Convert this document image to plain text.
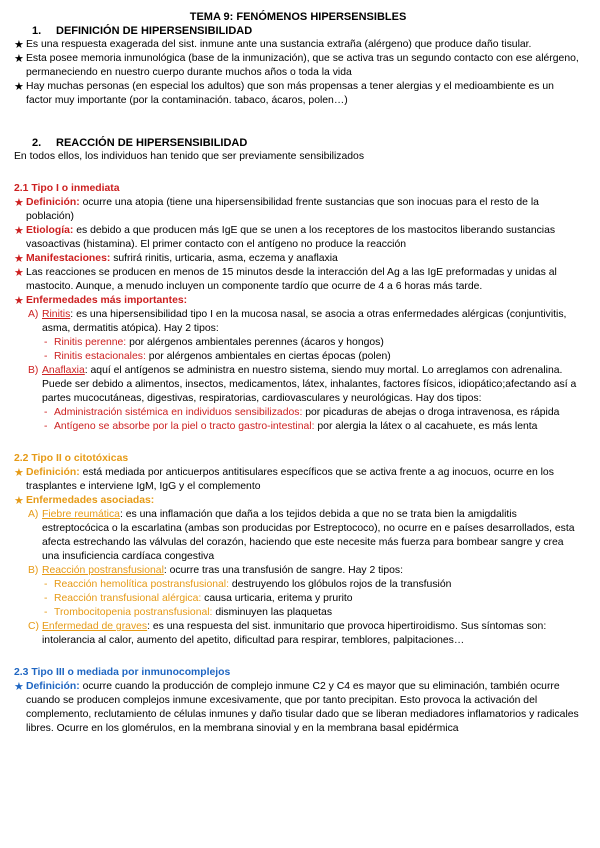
TEMA 9: FENÓMENOS HIPERSENSIBLES
1. DEFINICIÓN DE HIPERSENSIBILIDAD
★ Es una respuesta exagerada del sist. inmune ante una sustancia extraña (alérgeno) que produce daño tisular.
★ Esta posee memoria inmunológica (base de la inmunización), que se activa tras un segundo contacto con ese alérgeno, permaneciendo en nuestro cuerpo durante muchos años o toda la vida
★ Hay muchas personas (en especial los adultos) que son más propensas a tener alergias y el medioambiente es un factor muy importante (por la contaminación. tabaco, ácaros, polen…)
2. REACCIÓN DE HIPERSENSIBILIDAD
En todos ellos, los individuos han tenido que ser previamente sensibilizados
2.1 Tipo I o inmediata
★ Definición: ocurre una atopia (tiene una hipersensibilidad frente sustancias que son inocuas para el resto de la población)
★ Etiología: es debido a que producen más IgE que se unen a los receptores de los mastocitos liberando sustancias vasoactivas (histamina). El primer contacto con el antígeno no produce la reacción
★ Manifestaciones: sufrirá rinitis, urticaria, asma, eczema y anaflaxia
★ Las reacciones se producen en menos de 15 minutos desde la interacción del Ag a las IgE preformadas y unidas al mastocito. Aunque, a menudo incluyen un componente tardío que ocurre de 4 a 6 horas más tarde.
★ Enfermedades más importantes:
A) Rinitis: es una hipersensibilidad tipo I en la mucosa nasal, se asocia a otras enfermedades alérgicas (conjuntivitis, asma, dermatitis atópica). Hay 2 tipos:
- Rinitis perenne: por alérgenos ambientales perennes (ácaros y hongos)
- Rinitis estacionales: por alérgenos ambientales en ciertas épocas (polen)
B) Anaflaxia: aquí el antígenos se administra en nuestro sistema, siendo muy mortal. Lo arreglamos con adrenalina. Puede ser debido a alimentos, insectos, medicamentos, látex, inhalantes, factores físicos, idiopático;afectando así a partes mucocutáneas, digestivas, respiratorias, cardiovasculares y neurológicas. Hay dos tipos:
- Administración sistémica en individuos sensibilizados: por picaduras de abejas o droga intravenosa, es rápida
- Antígeno se absorbe por la piel o tracto gastro-intestinal: por alergia la látex o al cacahuete, es más lenta
2.2 Tipo II o citotóxicas
★ Definición: está mediada por anticuerpos antitisulares específicos que se activa frente a ag inocuos, ocurre en los trasplantes e interviene IgM, IgG y el complemento
★ Enfermedades asociadas:
A) Fiebre reumática: es una inflamación que daña a los tejidos debida a que no se trata bien la amigdalitis estreptocócica o la escarlatina (ambas son producidas por Estreptococo), no ocurre en e países desarrollados, esta afecta estrechando las válvulas del corazón, haciendo que este necesite más fuerza para bombear sangre y crea una insuficiencia cardíaca congestiva
B) Reacción postransfusional: ocurre tras una transfusión de sangre. Hay 2 tipos:
- Reacción hemolítica postransfusional: destruyendo los glóbulos rojos de la transfusión
- Reacción transfusional alérgica: causa urticaria, eritema y prurito
- Trombocitopenia postransfusional: disminuyen las plaquetas
C) Enfermedad de graves: es una respuesta del sist. inmunitario que provoca hipertiroidismo. Sus síntomas son: intolerancia al calor, aumento del apetito, dificultad para respirar, temblores, palpitaciones…
2.3 Tipo III o mediada por inmunocomplejos
★ Definición: ocurre cuando la producción de complejo inmune C2 y C4 es mayor que su eliminación, también ocurre cuando se producen complejos inmune excesivamente, que por tanto precipitan. Esto provoca la activación del complemento, reclutamiento de células inmunes y daño tisular dado que se liberan mediadores inflamatorios y radicales libres. Ocurre en los glomérulos, en la membrana sinovial y en la membrana basal epidérmica
